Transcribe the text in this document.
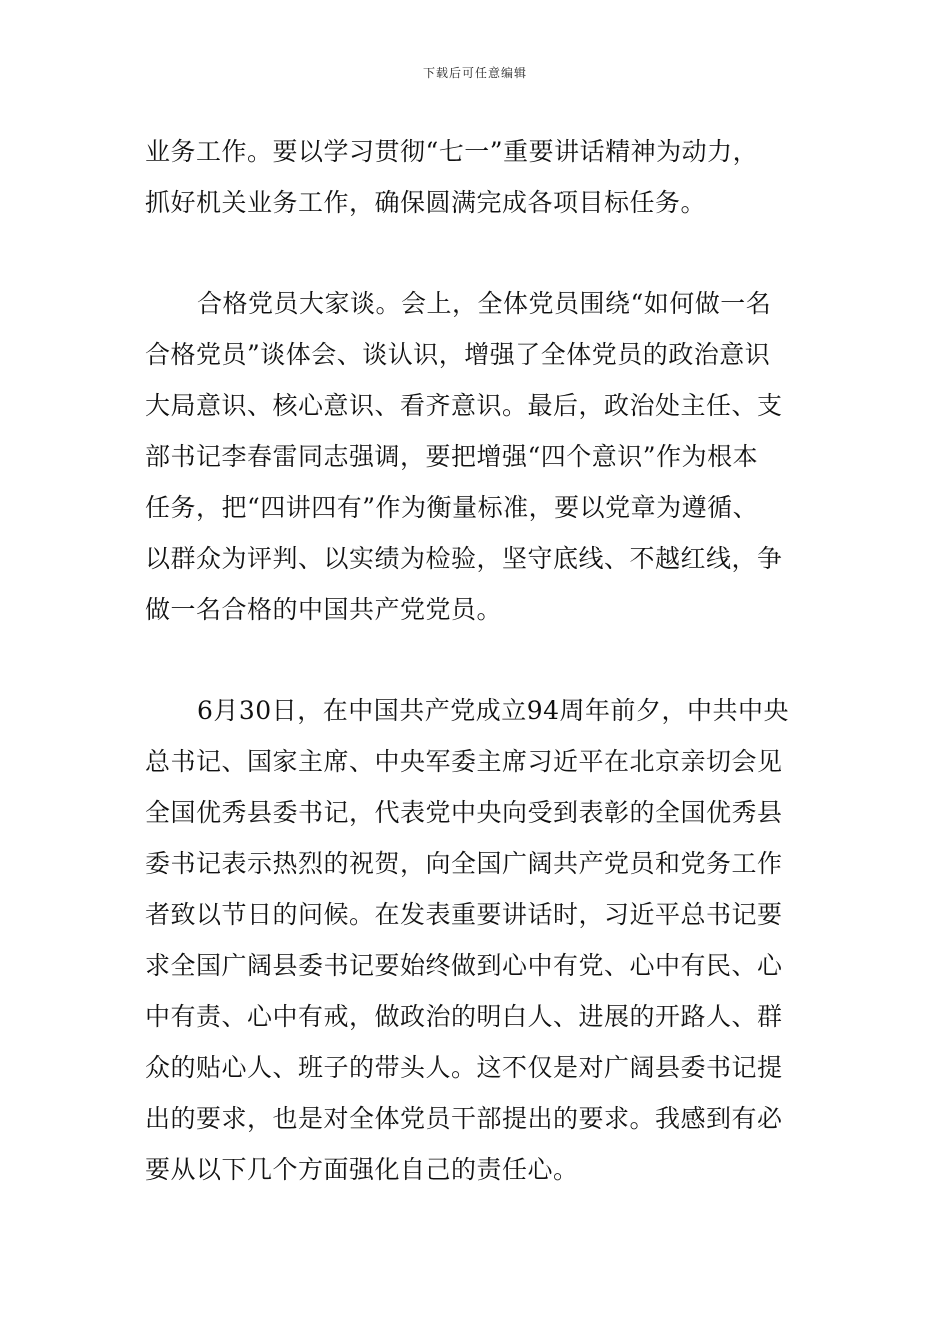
下载后可任意编辑

业务工作。要以学习贯彻“七一”重要讲话精神为动力，
抓好机关业务工作，确保圆满完成各项目标任务。

合格党员大家谈。会上，全体党员围绕“如何做一名
合格党员”谈体会、谈认识，增强了全体党员的政治意识
大局意识、核心意识、看齐意识。最后，政治处主任、支
部书记李春雷同志强调，要把增强“四个意识”作为根本
任务，把“四讲四有”作为衡量标准，要以党章为遵循、
以群众为评判、以实绩为检验，坚守底线、不越红线，争
做一名合格的中国共产党党员。

6月30日，在中国共产党成立94周年前夕，中共中央
总书记、国家主席、中央军委主席习近平在北京亲切会见
全国优秀县委书记，代表党中央向受到表彰的全国优秀县
委书记表示热烈的祝贺，向全国广阔共产党员和党务工作
者致以节日的问候。在发表重要讲话时，习近平总书记要
求全国广阔县委书记要始终做到心中有党、心中有民、心
中有责、心中有戒，做政治的明白人、进展的开路人、群
众的贴心人、班子的带头人。这不仅是对广阔县委书记提
出的要求，也是对全体党员干部提出的要求。我感到有必
要从以下几个方面强化自己的责任心。
